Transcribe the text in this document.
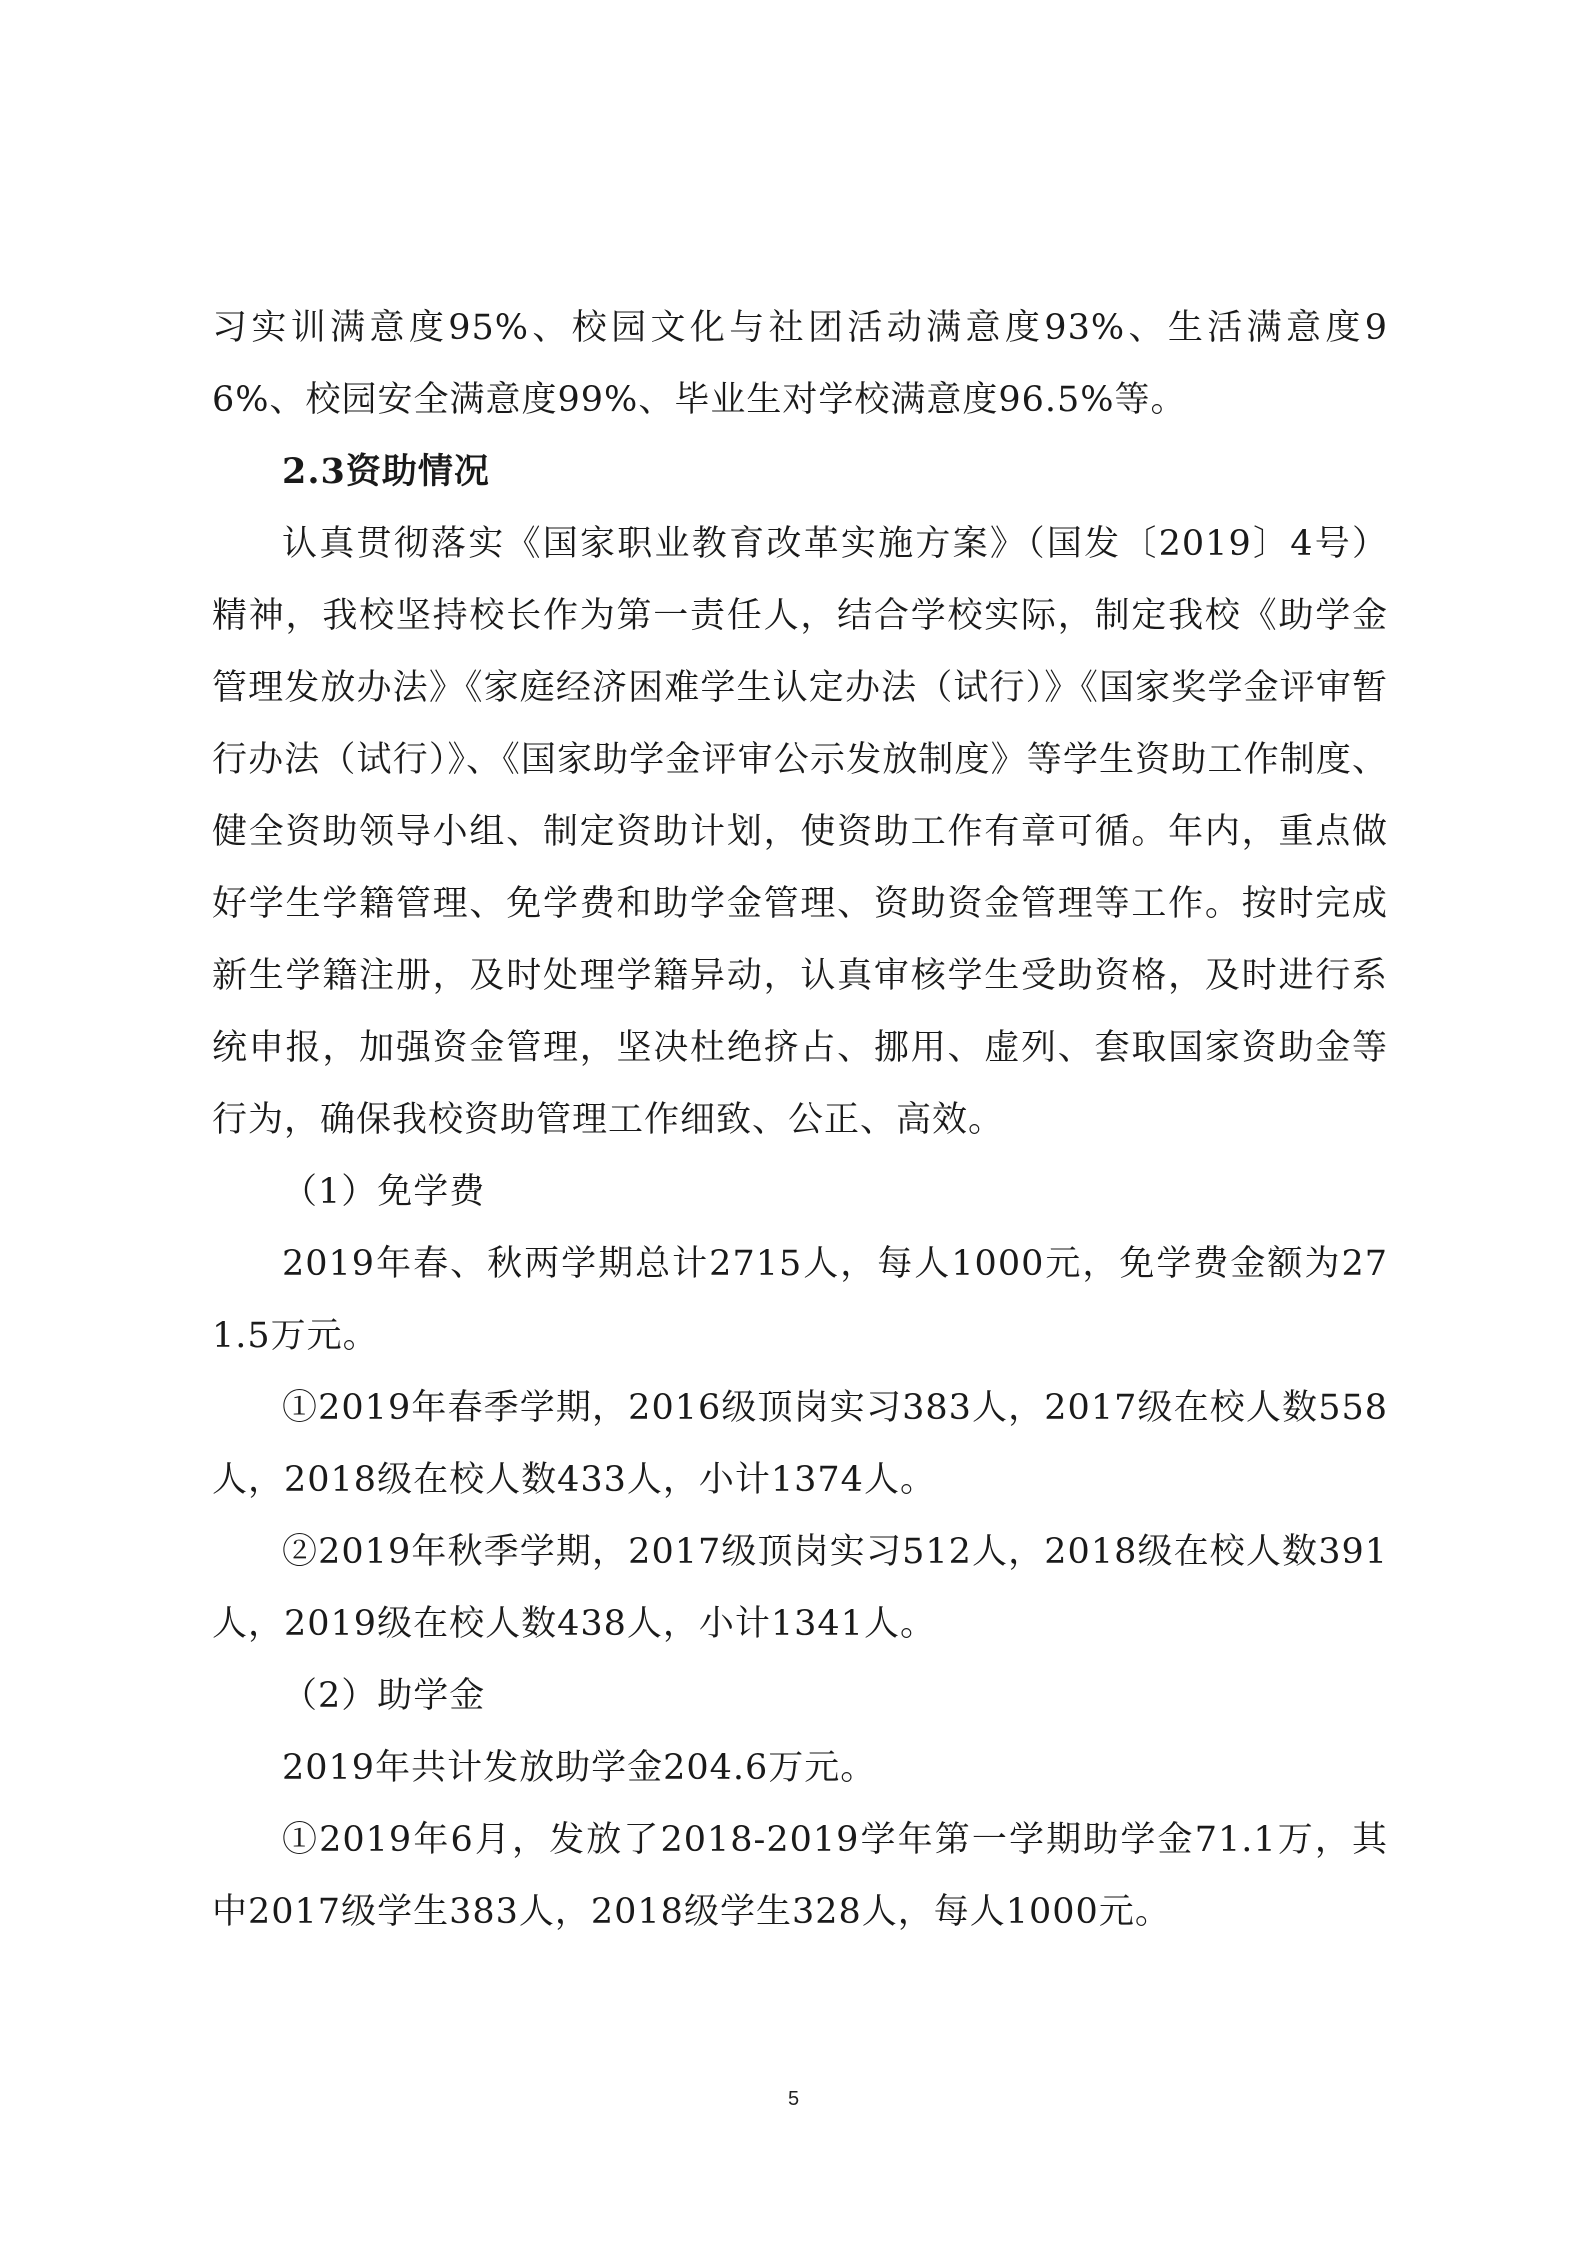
习实训满意度95%、校园文化与社团活动满意度93%、生活满意度96%、校园安全满意度99%、毕业生对学校满意度96.5%等。

2.3资助情况

认真贯彻落实《国家职业教育改革实施方案》（国发〔2019〕4号）精神，我校坚持校长作为第一责任人，结合学校实际，制定我校《助学金管理发放办法》《家庭经济困难学生认定办法（试行）》《国家奖学金评审暂行办法（试行）》、《国家助学金评审公示发放制度》等学生资助工作制度、健全资助领导小组、制定资助计划，使资助工作有章可循。年内，重点做好学生学籍管理、免学费和助学金管理、资助资金管理等工作。按时完成新生学籍注册，及时处理学籍异动，认真审核学生受助资格，及时进行系统申报，加强资金管理，坚决杜绝挤占、挪用、虚列、套取国家资助金等行为，确保我校资助管理工作细致、公正、高效。

（1）免学费

2019年春、秋两学期总计2715人，每人1000元，免学费金额为271.5万元。

①2019年春季学期，2016级顶岗实习383人，2017级在校人数558人，2018级在校人数433人，小计1374人。

②2019年秋季学期，2017级顶岗实习512人，2018级在校人数391人，2019级在校人数438人，小计1341人。

（2）助学金

2019年共计发放助学金204.6万元。

①2019年6月，发放了2018-2019学年第一学期助学金71.1万，其中2017级学生383人，2018级学生328人，每人1000元。

5
